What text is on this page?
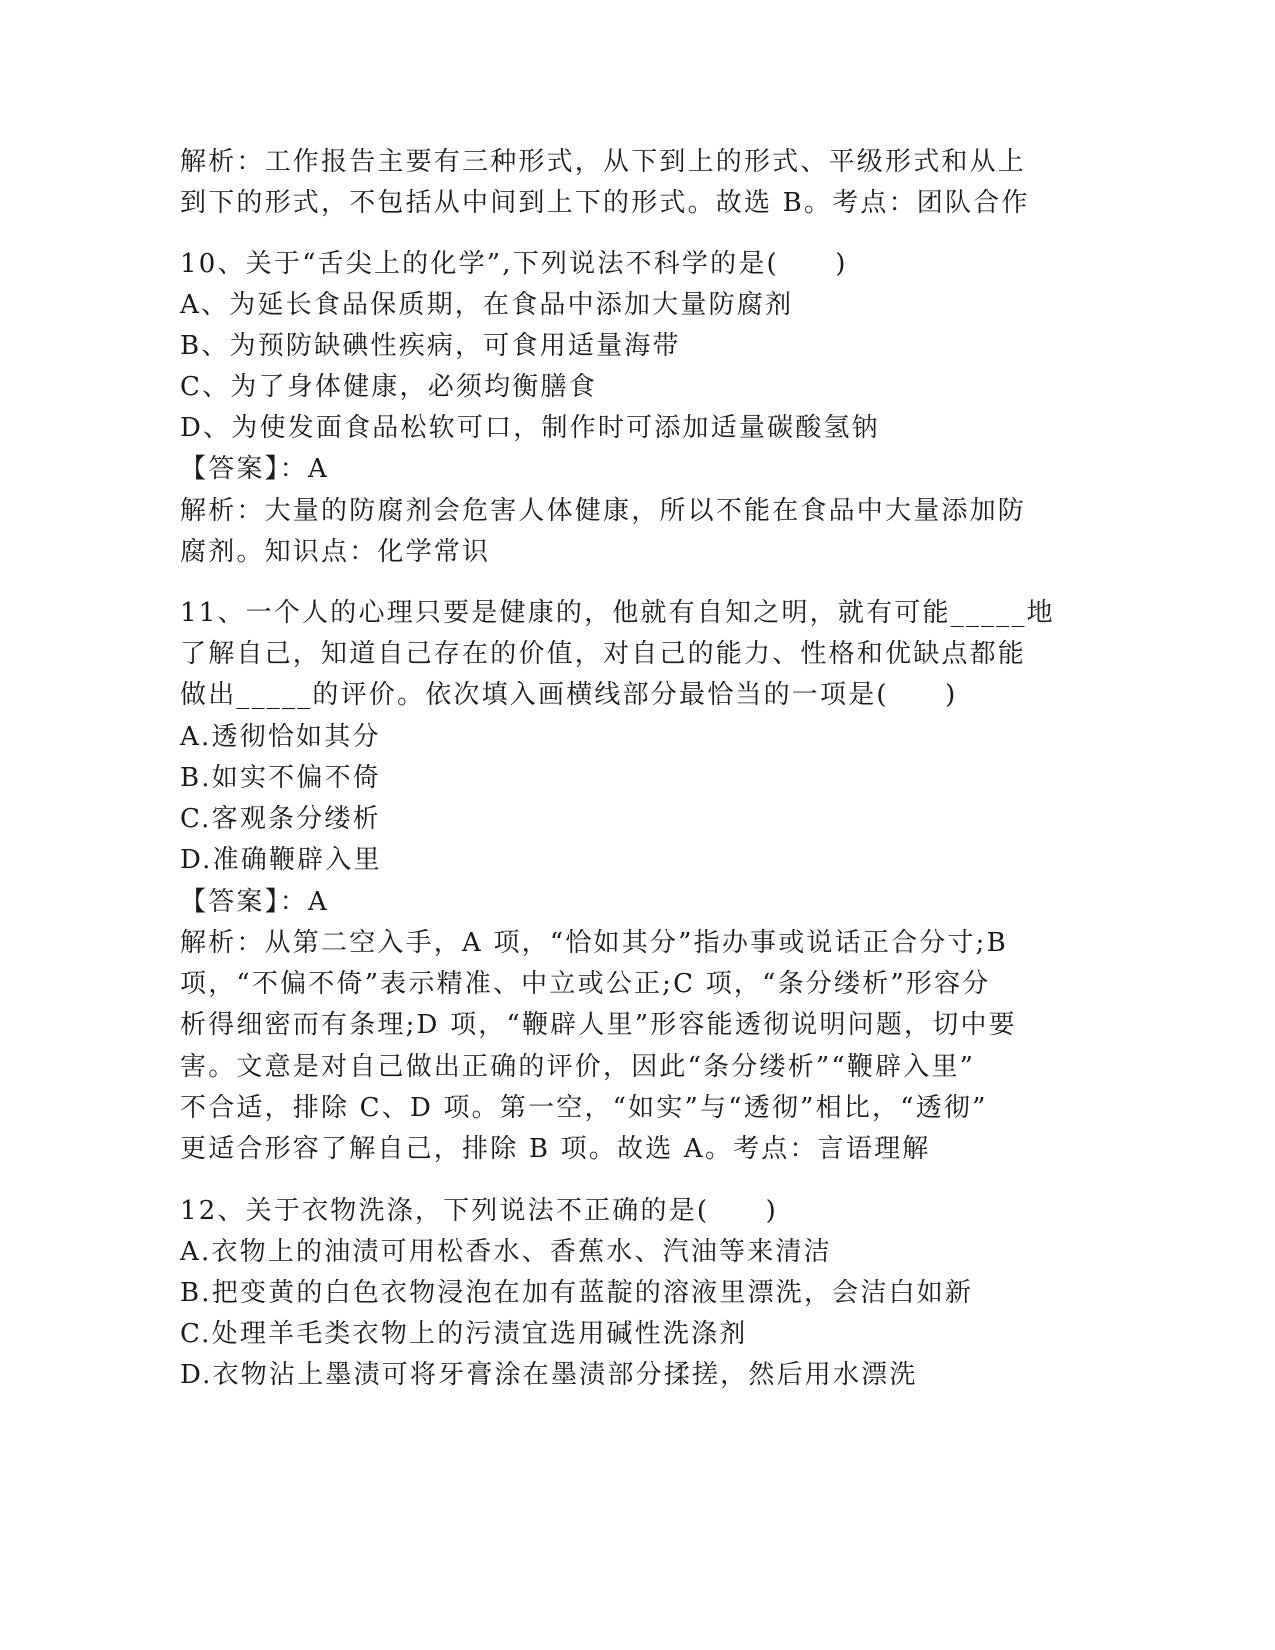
解析：工作报告主要有三种形式，从下到上的形式、平级形式和从上

到下的形式，不包括从中间到上下的形式。故选 B。考点：团队合作

10、关于“舌尖上的化学”,下列说法不科学的是(　　)

A、为延长食品保质期，在食品中添加大量防腐剂

B、为预防缺碘性疾病，可食用适量海带

C、为了身体健康，必须均衡膳食

D、为使发面食品松软可口，制作时可添加适量碳酸氢钠

【答案】：A

解析：大量的防腐剂会危害人体健康，所以不能在食品中大量添加防

腐剂。知识点：化学常识

11、一个人的心理只要是健康的，他就有自知之明，就有可能_____地

了解自己，知道自己存在的价值，对自己的能力、性格和优缺点都能

做出_____的评价。依次填入画横线部分最恰当的一项是(　　)

A.透彻恰如其分

B.如实不偏不倚

C.客观条分缕析

D.准确鞭辟入里

【答案】：A

解析：从第二空入手，A 项，“恰如其分”指办事或说话正合分寸;B

项，“不偏不倚”表示精准、中立或公正;C 项，“条分缕析”形容分

析得细密而有条理;D 项，“鞭辟人里”形容能透彻说明问题，切中要

害。文意是对自己做出正确的评价，因此“条分缕析”“鞭辟入里”

不合适，排除 C、D 项。第一空，“如实”与“透彻”相比，“透彻”

更适合形容了解自己，排除 B 项。故选 A。考点：言语理解

12、关于衣物洗涤，下列说法不正确的是(　　)

A.衣物上的油渍可用松香水、香蕉水、汽油等来清洁

B.把变黄的白色衣物浸泡在加有蓝靛的溶液里漂洗，会洁白如新

C.处理羊毛类衣物上的污渍宜选用碱性洗涤剂

D.衣物沾上墨渍可将牙膏涂在墨渍部分揉搓，然后用水漂洗
